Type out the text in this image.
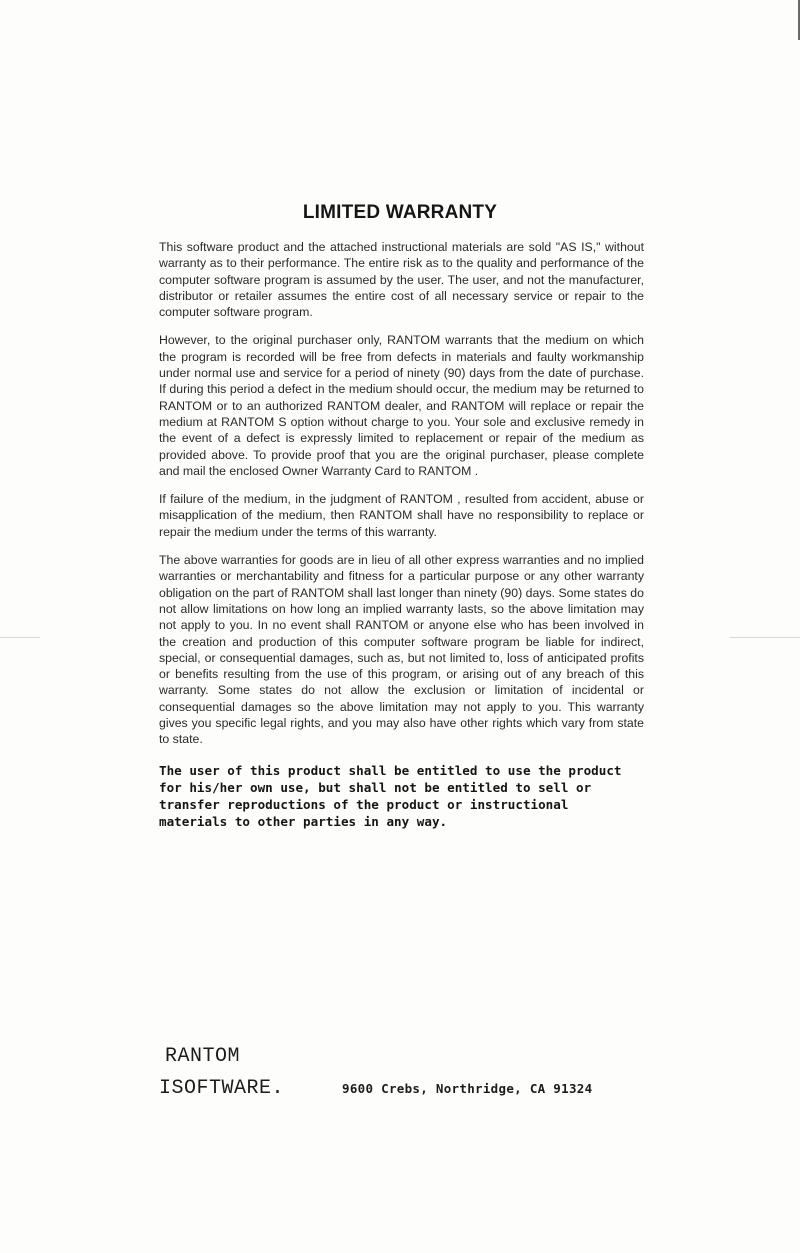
LIMITED WARRANTY

This software product and the attached instructional materials are sold "AS IS," without warranty as to their performance. The entire risk as to the quality and performance of the computer software program is assumed by the user. The user, and not the manufacturer, distributor or retailer assumes the entire cost of all necessary service or repair to the computer software program.

However, to the original purchaser only, RANTOM warrants that the medium on which the program is recorded will be free from defects in materials and faulty workmanship under normal use and service for a period of ninety (90) days from the date of purchase. If during this period a defect in the medium should occur, the medium may be returned to RANTOM or to an authorized RANTOM dealer, and RANTOM will replace or repair the medium at RANTOM S option without charge to you. Your sole and exclusive remedy in the event of a defect is expressly limited to replacement or repair of the medium as provided above. To provide proof that you are the original purchaser, please complete and mail the enclosed Owner Warranty Card to RANTOM .

If failure of the medium, in the judgment of RANTOM , resulted from accident, abuse or misapplication of the medium, then RANTOM shall have no responsibility to replace or repair the medium under the terms of this warranty.

The above warranties for goods are in lieu of all other express warranties and no implied warranties or merchantability and fitness for a particular purpose or any other warranty obligation on the part of RANTOM shall last longer than ninety (90) days. Some states do not allow limitations on how long an implied warranty lasts, so the above limitation may not apply to you. In no event shall RANTOM or anyone else who has been involved in the creation and production of this computer software program be liable for indirect, special, or consequential damages, such as, but not limited to, loss of anticipated profits or benefits resulting from the use of this program, or arising out of any breach of this warranty. Some states do not allow the exclusion or limitation of incidental or consequential damages so the above limitation may not apply to you. This warranty gives you specific legal rights, and you may also have other rights which vary from state to state.

The user of this product shall be entitled to use the product for his/her own use, but shall not be entitled to sell or transfer reproductions of the product or instructional materials to other parties in any way.

RANTOM
ISOFTWARE.	9600 Crebs, Northridge, CA 91324
